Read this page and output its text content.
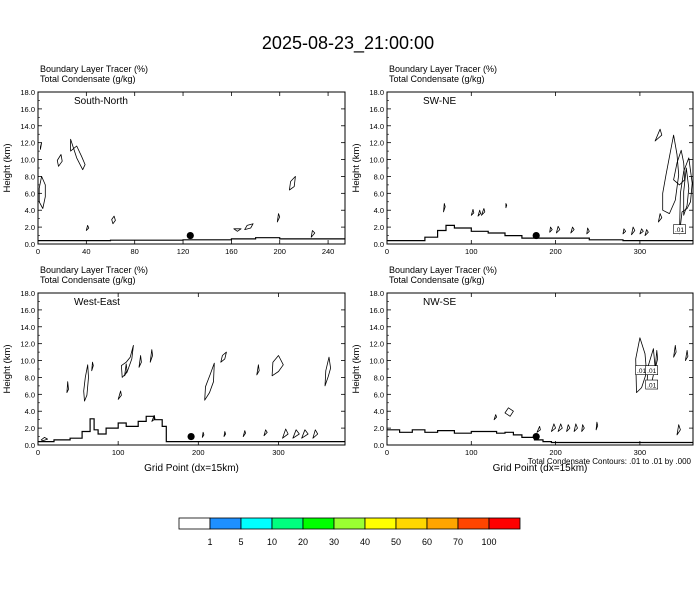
2025-08-23_21:00:00
Total Condensate Contours: .01 to .01 by .000
Boundary Layer Tracer (%)
Total Condensate (g/kg)
0.0
2.0
4.0
6.0
8.0
10.0
12.0
14.0
16.0
18.0
0	40	80	120	160	200	240
Height (km)
South-North
Boundary Layer Tracer (%)
Total Condensate (g/kg)
0.0
2.0
4.0
6.0
8.0
10.0
12.0
14.0
16.0
18.0
0	100	200	300
Height (km)
SW-NE
.01
Boundary Layer Tracer (%)
Total Condensate (g/kg)
0.0
2.0
4.0
6.0
8.0
10.0
12.0
14.0
16.0
18.0
0	100	200	300
Height (km)
Grid Point (dx=15km)
West-East
Boundary Layer Tracer (%)
Total Condensate (g/kg)
0.0
2.0
4.0
6.0
8.0
10.0
12.0
14.0
16.0
18.0
0	100	200	300
Height (km)
Grid Point (dx=15km)
NW-SE
.01 .01
.01
1	5	10 20 30 40 50 60 70 100
